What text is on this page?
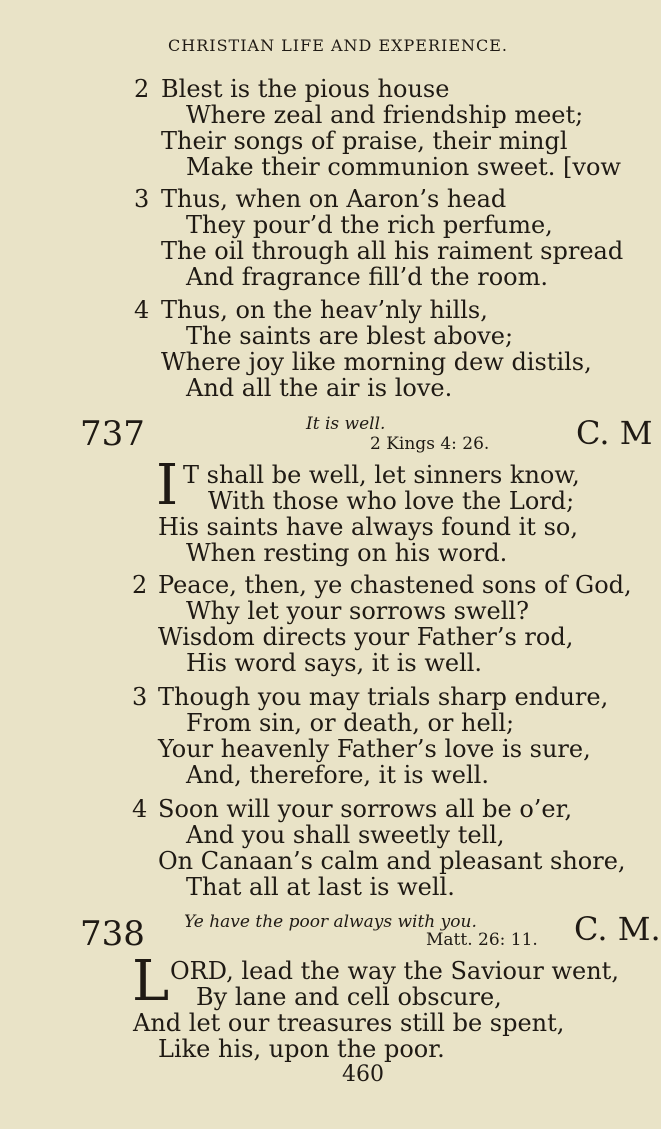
CHRISTIAN LIFE AND EXPERIENCE.
2 Blest is the pious house
Where zeal and friendship meet;
Their songs of praise, their mingl
Make their communion sweet. [vow
3 Thus, when on Aaron’s head
They pour’d the rich perfume,
The oil through all his raiment spread
And fragrance fill’d the room.
4 Thus, on the heav’nly hills,
The saints are blest above;
Where joy like morning dew distils,
And all the air is love.
737	It is well.
2 Kings 4: 26.	C. M
I T shall be well, let sinners know,
With those who love the Lord;
His saints have always found it so,
When resting on his word.
2 Peace, then, ye chastened sons of God,
Why let your sorrows swell?
Wisdom directs your Father’s rod,
His word says, it is well.
3 Though you may trials sharp endure,
From sin, or death, or hell;
Your heavenly Father’s love is sure,
And, therefore, it is well.
4 Soon will your sorrows all be o’er,
And you shall sweetly tell,
On Canaan’s calm and pleasant shore,
That all at last is well.
738 Ye have the poor always with you.
Matt. 26: 11. C. M.
L ORD, lead the way the Saviour went,
By lane and cell obscure,
And let our treasures still be spent,
Like his, upon the poor.
460
